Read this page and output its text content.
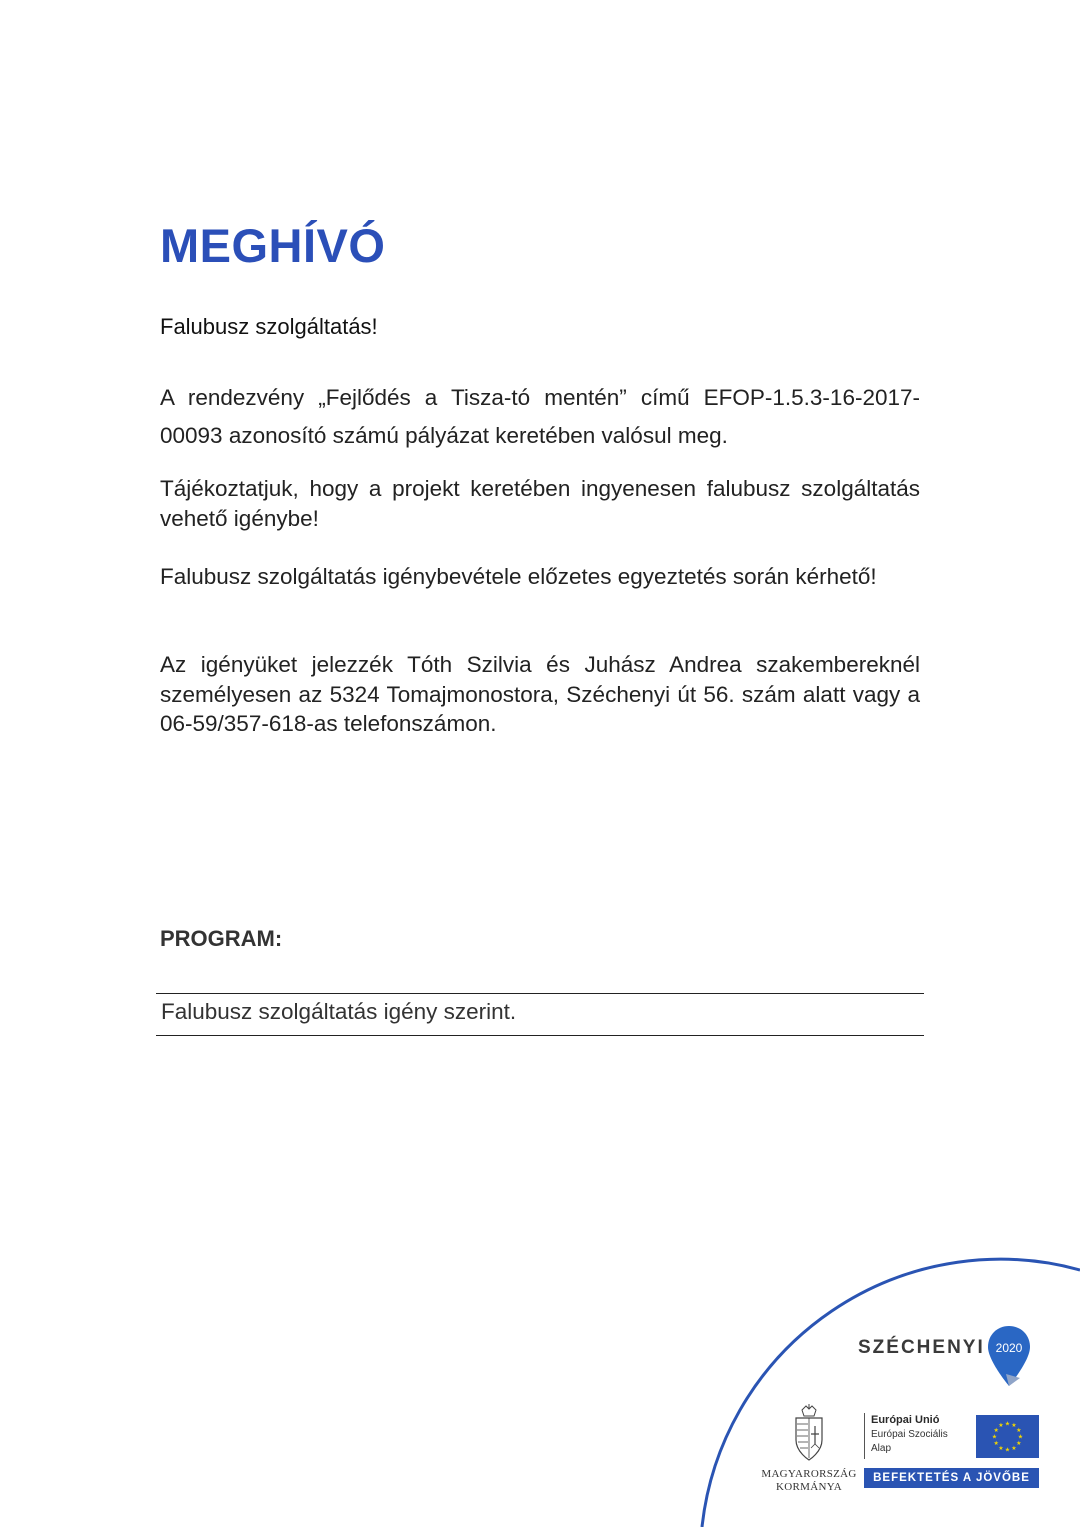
MEGHÍVÓ
Falubusz szolgáltatás!
A rendezvény „Fejlődés a Tisza-tó mentén” című EFOP-1.5.3-16-2017-00093 azonosító számú pályázat keretében valósul meg.
Tájékoztatjuk, hogy a projekt keretében ingyenesen falubusz szolgáltatás vehető igénybe!
Falubusz szolgáltatás igénybevétele előzetes egyeztetés során kérhető!
Az igényüket jelezzék Tóth Szilvia és Juhász Andrea szakembereknél személyesen az 5324 Tomajmonostora, Széchenyi út 56. szám alatt vagy a 06-59/357-618-as telefonszámon.
PROGRAM:
Falubusz szolgáltatás igény szerint.
SZÉCHENYI 2020
MAGYARORSZÁG
KORMÁNYA
Európai Unió
Európai Szociális
Alap
★ ★
★
★
★
★
★
★
★
★
★
★
BEFEKTETÉS A JÖVŐBE
